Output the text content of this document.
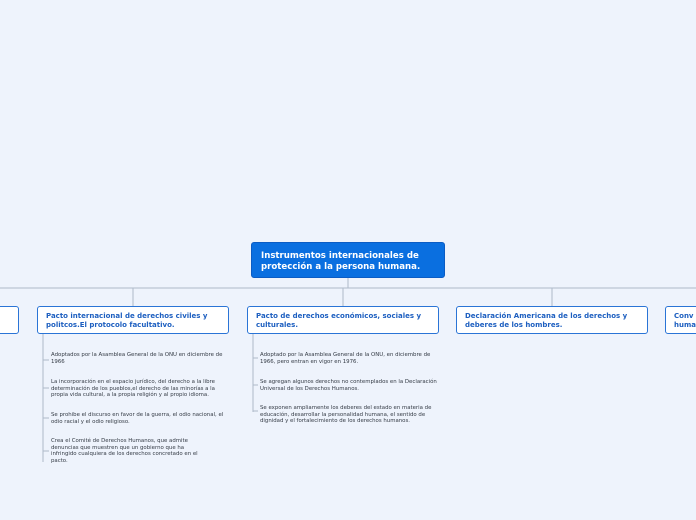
Instrumentos internacionales de protección a la persona humana.
Pacto internacional de derechos civiles y politcos.El protocolo facultativo.
Pacto de derechos económicos, sociales y culturales.
Declaración Americana de los derechos y deberes de los hombres.
Conv
huma
Adoptados por la Asamblea General de la ONU en diciembre de 1966
La incorporación en el espacio jurídico, del derecho a la libre determinación de los pueblos,el derecho de las minorías a la propia vida cultural, a la propia religión y al propio idioma.
Se prohibe el discurso en favor de la guerra, el odio nacional, el odio racial y el odio religioso.
Crea el Comité de Derechos Humanos, que admite denuncias que muestren que un gobierno que ha infringido cualquiera de los derechos concretado en el pacto.
Adoptado por la Asamblea General de la ONU, en diciembre de 1966, pero entran en vigor en 1976.
Se agregan algunos derechos no contemplados en la Declaración Universal de los Derechos Humanos.
Se exponen ampliamente los deberes del estado en materia de educación, desarrollar la personalidad humana, el sentido de dignidad y el fortalecimiento de los derechos humanos.
